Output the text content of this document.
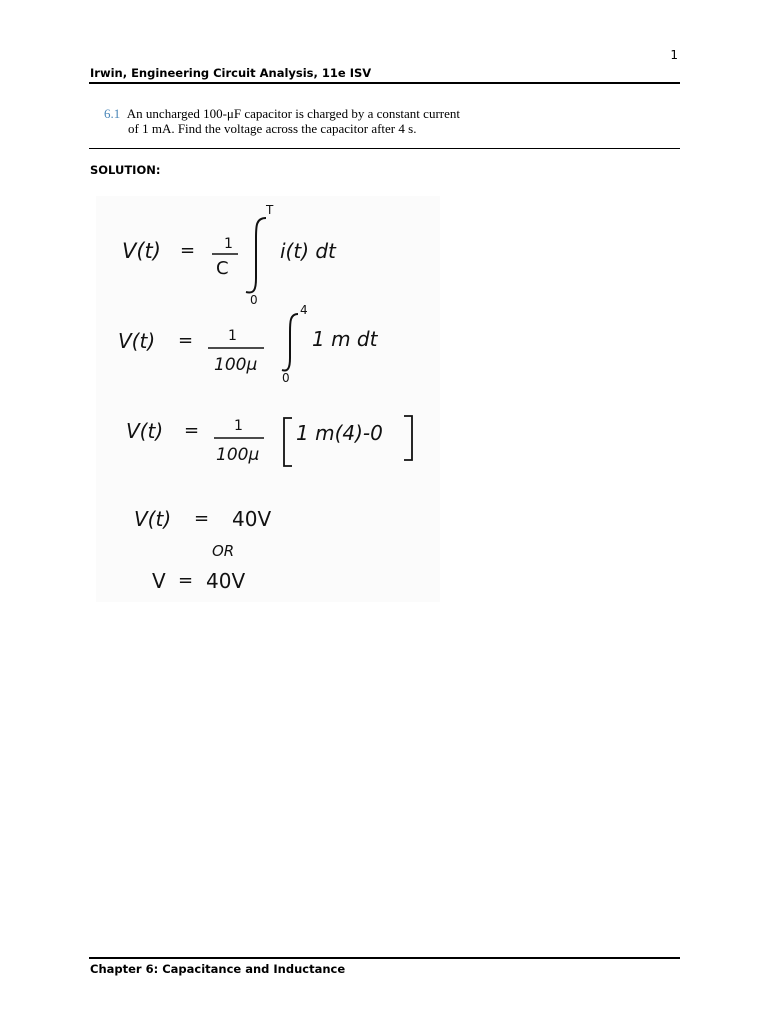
1
Irwin, Engineering Circuit Analysis, 11e ISV
6.1 An uncharged 100-μF capacitor is charged by a constant current
of 1 mA. Find the voltage across the capacitor after 4 s.
SOLUTION:
V(t) = 1
C
T
0
i(t) dt
V(t) = 1
100μ
4
0
1 m dt
V(t) = 1
100μ
1 m(4)-0
V(t) = 40V
OR
V = 40V
Chapter 6: Capacitance and Inductance
